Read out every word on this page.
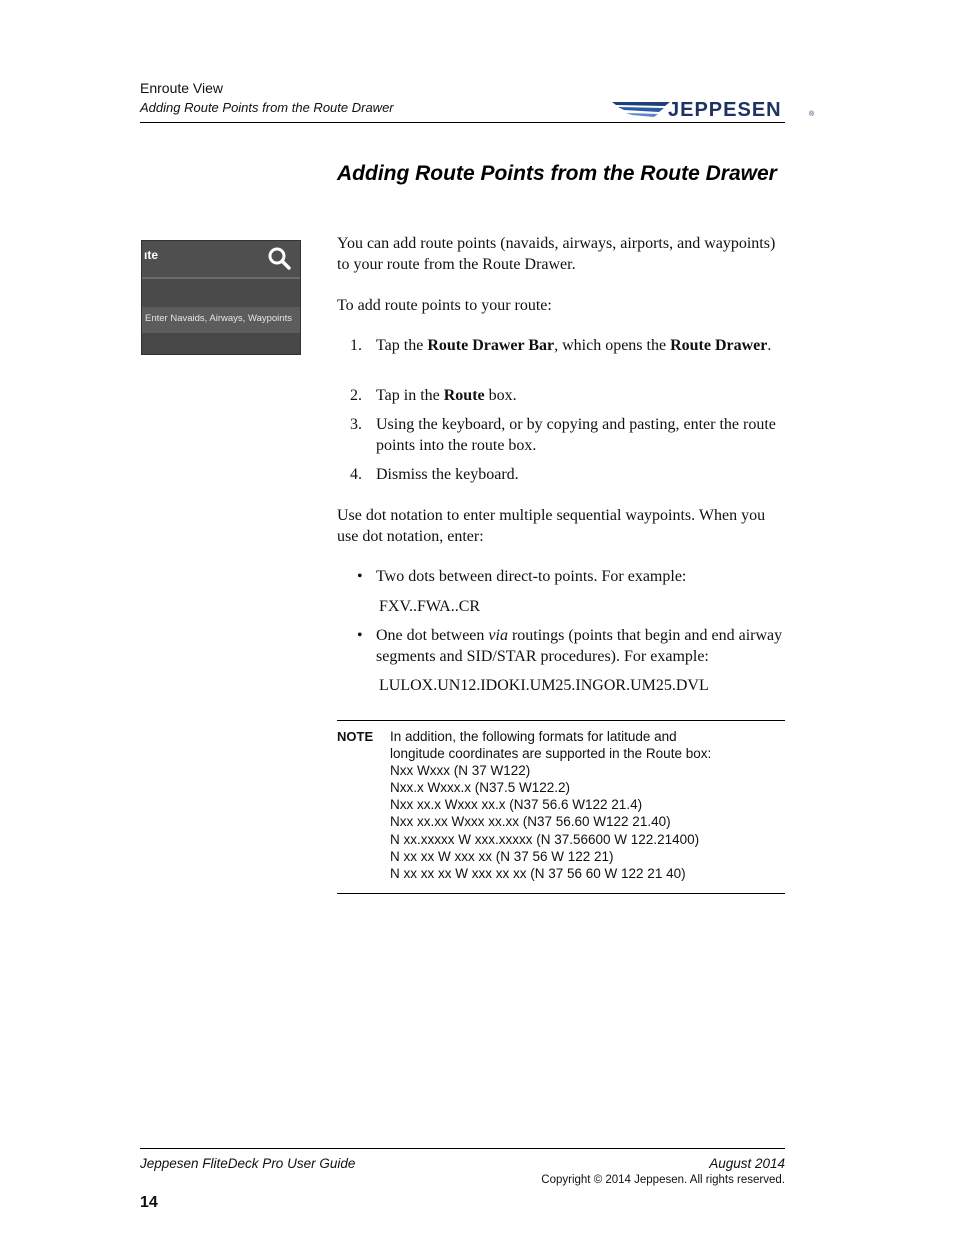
Enroute View
Adding Route Points from the Route Drawer	JEPPESEN	®
Adding Route Points from the Route Drawer
ıte
Enter Navaids, Airways, Waypoints
You can add route points (navaids, airways, airports, and waypoints) to your route from the Route Drawer.
To add route points to your route:
1. Tap the Route Drawer Bar, which opens the Route Drawer.
2. Tap in the Route box.
3. Using the keyboard, or by copying and pasting, enter the route points into the route box.
4. Dismiss the keyboard.
Use dot notation to enter multiple sequential waypoints. When you use dot notation, enter:
• Two dots between direct-to points. For example:
FXV..FWA..CR
• One dot between via routings (points that begin and end airway segments and SID/STAR procedures). For example:
LULOX.UN12.IDOKI.UM25.INGOR.UM25.DVL
NOTE In addition, the following formats for latitude and
longitude coordinates are supported in the Route box:
Nxx Wxxx (N 37 W122)
Nxx.x Wxxx.x (N37.5 W122.2)
Nxx xx.x Wxxx xx.x (N37 56.6 W122 21.4)
Nxx xx.xx Wxxx xx.xx (N37 56.60 W122 21.40)
N xx.xxxxx W xxx.xxxxx (N 37.56600 W 122.21400)
N xx xx W xxx xx (N 37 56 W 122 21)
N xx xx xx W xxx xx xx (N 37 56 60 W 122 21 40)
Jeppesen FliteDeck Pro User Guide	August 2014
Copyright © 2014 Jeppesen. All rights reserved.
14
